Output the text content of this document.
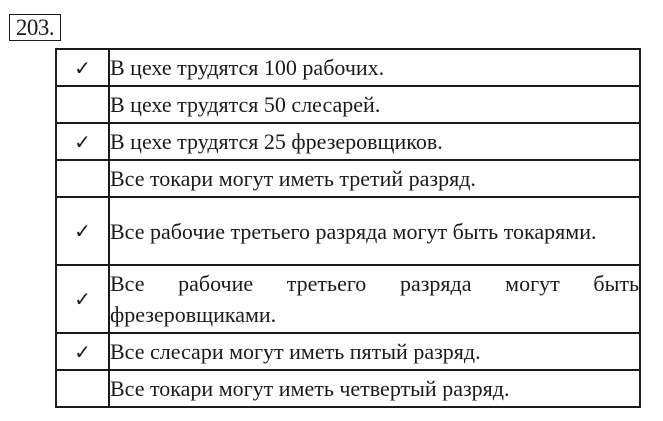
203.
✓	В цехе трудятся 100 рабочих.
	В цехе трудятся 50 слесарей.
✓	В цехе трудятся 25 фрезеровщиков.
	Все токари могут иметь третий разряд.
✓	Все рабочие третьего разряда могут быть токарями.
✓	Все рабочие третьего разряда могут быть фрезеровщиками.
✓	Все слесари могут иметь пятый разряд.
	Все токари могут иметь четвертый разряд.
